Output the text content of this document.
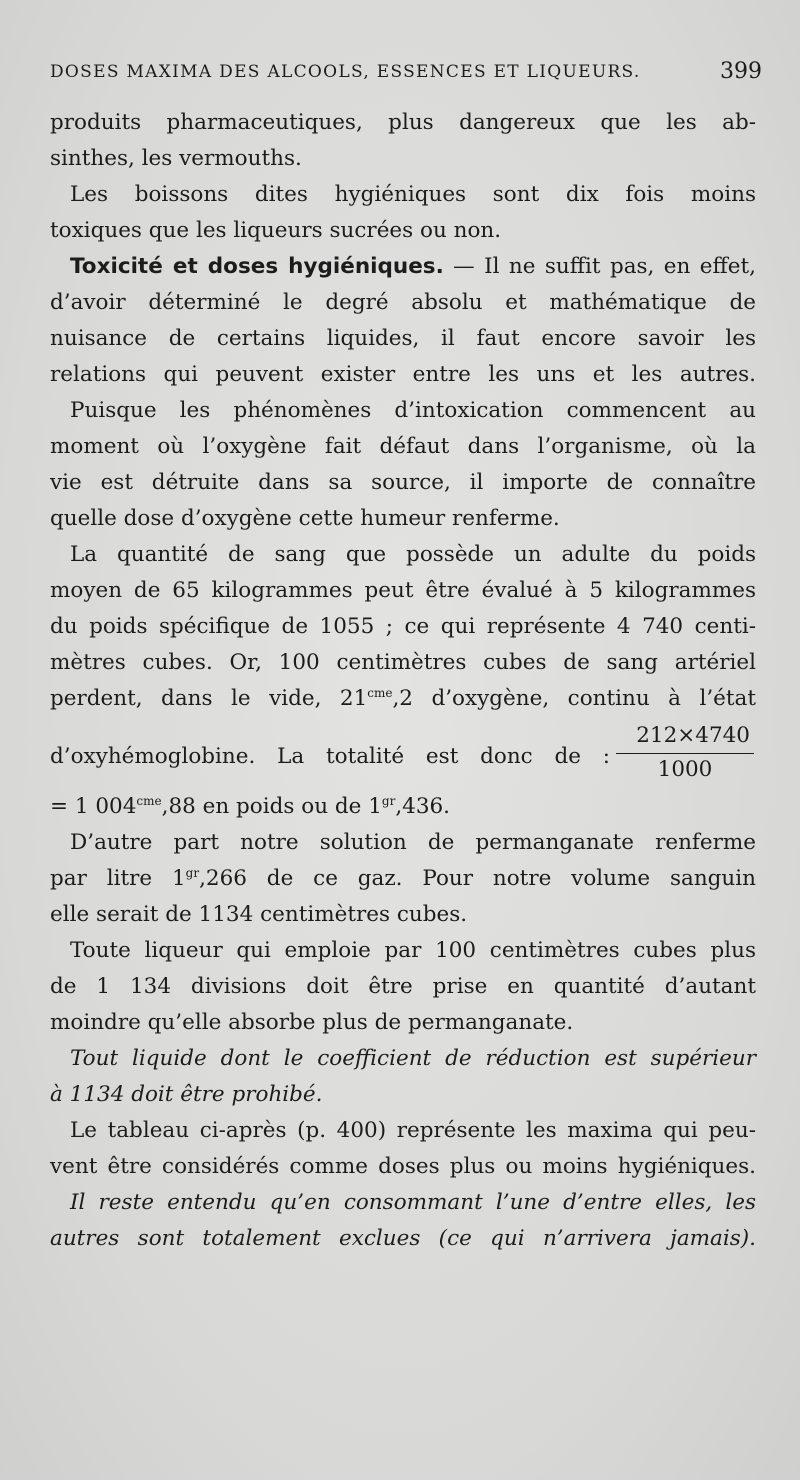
DOSES MAXIMA DES ALCOOLS, ESSENCES ET LIQUEURS.	399
produits pharmaceutiques, plus dangereux que les ab-
sinthes, les vermouths.
Les boissons dites hygiéniques sont dix fois moins
toxiques que les liqueurs sucrées ou non.
Toxicité et doses hygiéniques. — Il ne suffit pas, en effet,
d’avoir déterminé le degré absolu et mathématique de
nuisance de certains liquides, il faut encore savoir les
relations qui peuvent exister entre les uns et les autres.
Puisque les phénomènes d’intoxication commencent au
moment où l’oxygène fait défaut dans l’organisme, où la
vie est détruite dans sa source, il importe de connaître
quelle dose d’oxygène cette humeur renferme.
La quantité de sang que possède un adulte du poids
moyen de 65 kilogrammes peut être évalué à 5 kilogrammes
du poids spécifique de 1055 ; ce qui représente 4 740 centi-
mètres cubes. Or, 100 centimètres cubes de sang artériel
perdent, dans le vide, $21^{cme},2$ d’oxygène, continu à l’état
d’oxyhémoglobine. La totalité est donc de : $\frac{212\times 4740}{1000}$
= 1 $004^{cme},88$ en poids ou de $1^{gr},436$.
D’autre part notre solution de permanganate renferme
par litre $1^{gr},266$ de ce gaz. Pour notre volume sanguin
elle serait de 1134 centimètres cubes.
Toute liqueur qui emploie par 100 centimètres cubes plus
de 1 134 divisions doit être prise en quantité d’autant
moindre qu’elle absorbe plus de permanganate.
Tout liquide dont le coefficient de réduction est supérieur
à 1134 doit être prohibé.
Le tableau ci-après (p. 400) représente les maxima qui peu-
vent être considérés comme doses plus ou moins hygiéniques.
Il reste entendu qu’en consommant l’une d’entre elles, les
autres sont totalement exclues (ce qui n’arrivera jamais).
